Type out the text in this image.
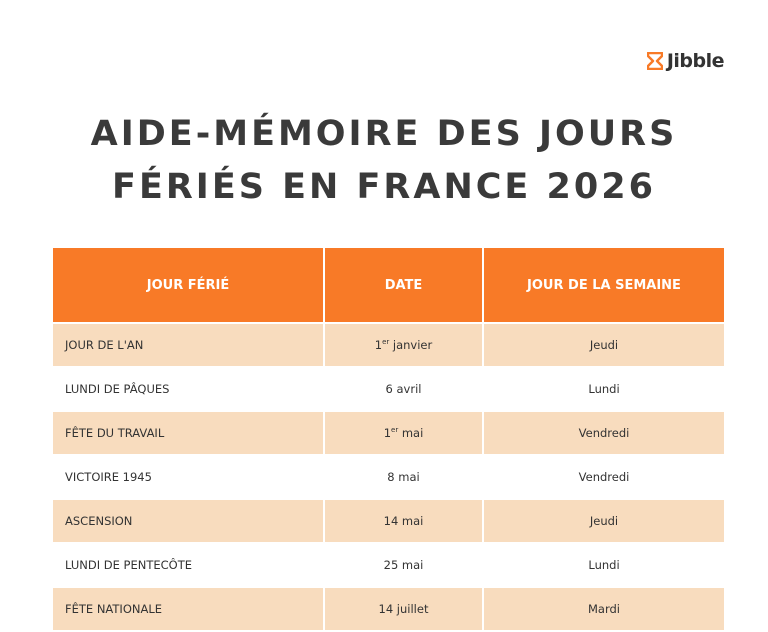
Jibble
AIDE-MÉMOIRE DES JOURS
FÉRIÉS EN FRANCE 2026
JOUR FÉRIÉ	DATE	JOUR DE LA SEMAINE
JOUR DE L'AN	1er janvier	Jeudi
LUNDI DE PÂQUES	6 avril	Lundi
FÊTE DU TRAVAIL	1er mai	Vendredi
VICTOIRE 1945	8 mai	Vendredi
ASCENSION	14 mai	Jeudi
LUNDI DE PENTECÔTE	25 mai	Lundi
FÊTE NATIONALE	14 juillet	Mardi
